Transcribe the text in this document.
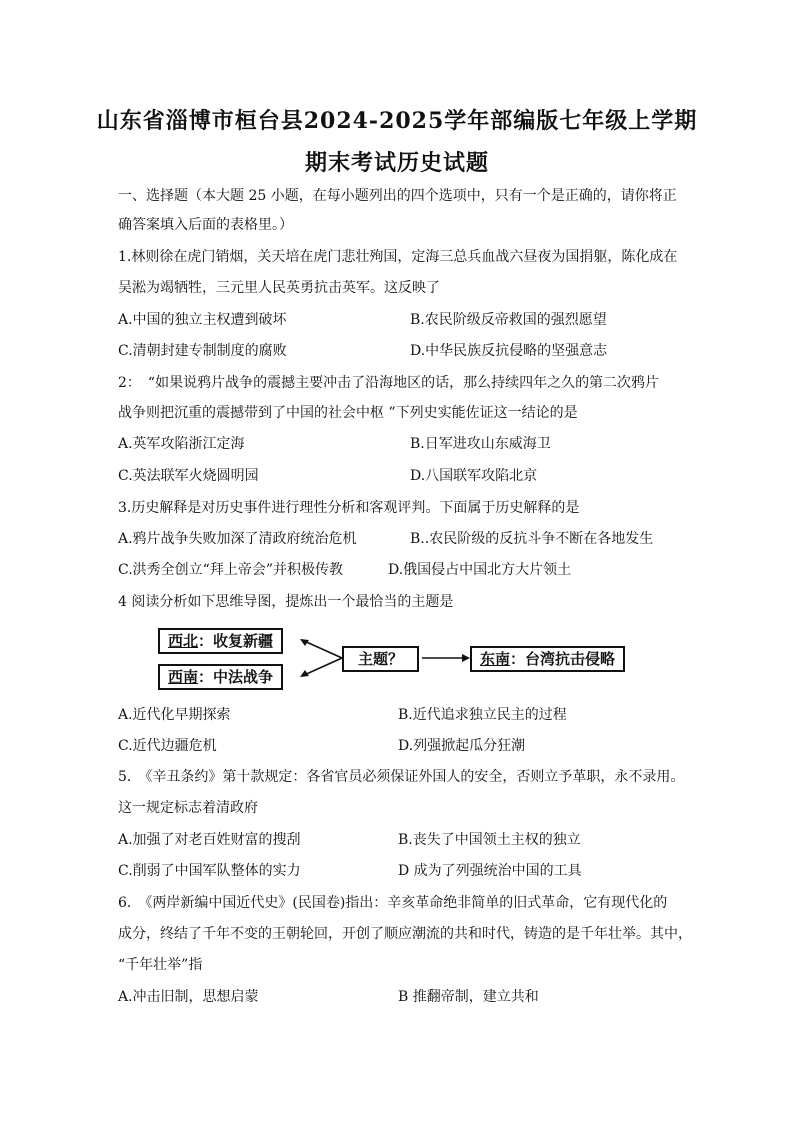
山东省淄博市桓台县2024-2025学年部编版七年级上学期
期末考试历史试题
一、选择题（本大题 25 小题，在每小题列出的四个选项中，只有一个是正确的，请你将正
确答案填入后面的表格里。）
1.林则徐在虎门销烟，关天培在虎门悲壮殉国，定海三总兵血战六昼夜为国捐躯，陈化成在
吴淞为竭牺牲，三元里人民英勇抗击英军。这反映了
A.中国的独立主权遭到破坏	B.农民阶级反帝救国的强烈愿望
C.清朝封建专制制度的腐败	D.中华民族反抗侵略的坚强意志
2：　“如果说鸦片战争的震撼主要冲击了沿海地区的话，那么持续四年之久的第二次鸦片
战争则把沉重的震撼带到了中国的社会中枢 ”下列史实能佐证这一结论的是
A.英军攻陷浙江定海	B.日军进攻山东威海卫
C.英法联军火烧圆明园	D.八国联军攻陷北京
3.历史解释是对历史事件进行理性分析和客观评判。下面属于历史解释的是
A.鸦片战争失败加深了清政府统治危机	B..农民阶级的反抗斗争不断在各地发生
C.洪秀全创立“拜上帝会”并积极传教	D.俄国侵占中国北方大片领土
4 阅读分析如下思维导图，提炼出一个最恰当的主题是
西北：收复新疆
西南：中法战争
主题？	东南：台湾抗击侵略
A.近代化早期探索	B.近代追求独立民主的过程
C.近代边疆危机	D.列强掀起瓜分狂潮
5.　《辛丑条约》第十款规定：各省官员必须保证外国人的安全，否则立予革职，永不录用。
这一规定标志着清政府
A.加强了对老百姓财富的搜刮	B.丧失了中国领土主权的独立
C.削弱了中国军队整体的实力	D 成为了列强统治中国的工具
6.　《两岸新编中国近代史》(民国卷)指出：辛亥革命绝非简单的旧式革命，它有现代化的
成分，终结了千年不变的王朝轮回，开创了顺应潮流的共和时代，铸造的是千年壮举。其中，
“千年壮举”指
A.冲击旧制，思想启蒙	B 推翻帝制，建立共和
